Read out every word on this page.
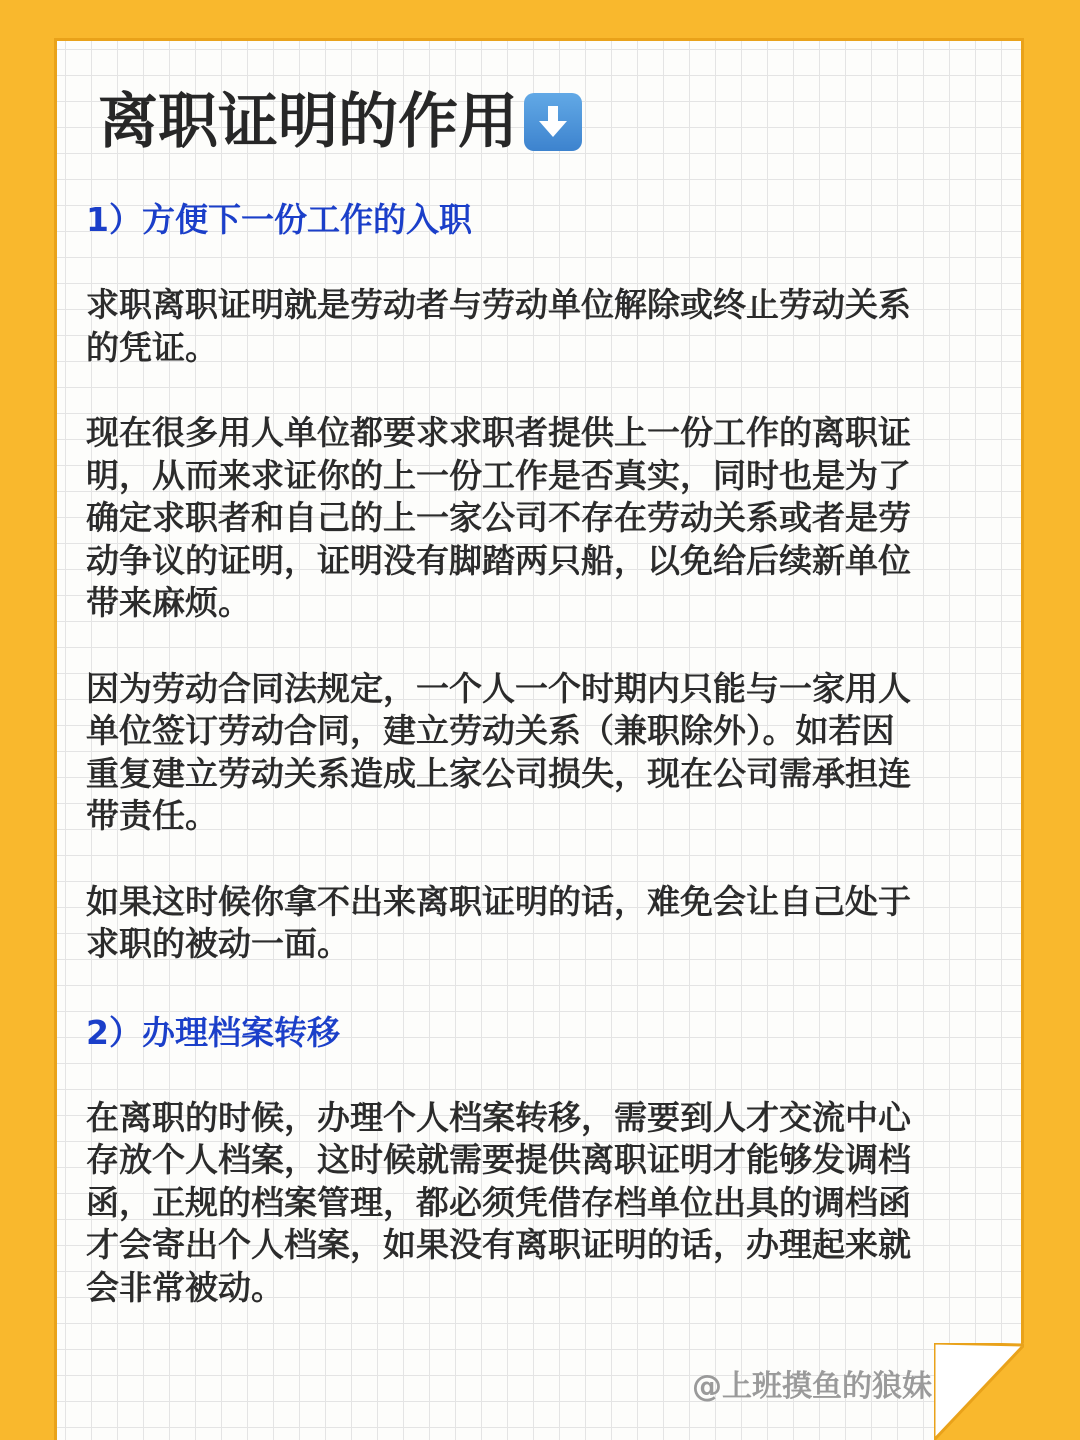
离职证明的作用
1）方便下一份工作的入职

求职离职证明就是劳动者与劳动单位解除或终止劳动关系
的凭证。

现在很多用人单位都要求求职者提供上一份工作的离职证
明，从而来求证你的上一份工作是否真实，同时也是为了
确定求职者和自己的上一家公司不存在劳动关系或者是劳
动争议的证明，证明没有脚踏两只船，以免给后续新单位
带来麻烦。

因为劳动合同法规定，一个人一个时期内只能与一家用人
单位签订劳动合同，建立劳动关系（兼职除外）。如若因
重复建立劳动关系造成上家公司损失，现在公司需承担连
带责任。

如果这时候你拿不出来离职证明的话，难免会让自己处于
求职的被动一面。

2）办理档案转移

在离职的时候，办理个人档案转移，需要到人才交流中心
存放个人档案，这时候就需要提供离职证明才能够发调档
函，正规的档案管理，都必须凭借存档单位出具的调档函
才会寄出个人档案，如果没有离职证明的话，办理起来就
会非常被动。

@上班摸鱼的狼妹
